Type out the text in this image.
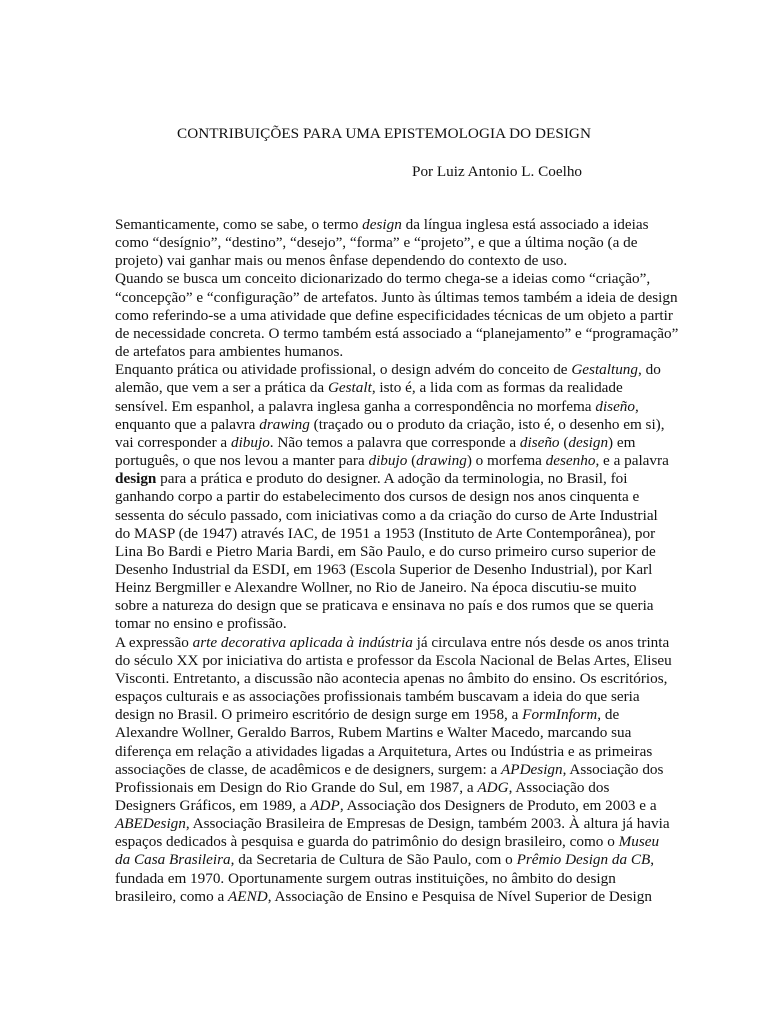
CONTRIBUIÇÕES PARA UMA EPISTEMOLOGIA DO DESIGN
Por Luiz Antonio L. Coelho
Semanticamente, como se sabe, o termo design da língua inglesa está associado a ideias
como “desígnio”, “destino”, “desejo”, “forma” e “projeto”, e que a última noção (a de
projeto) vai ganhar mais ou menos ênfase dependendo do contexto de uso.
Quando se busca um conceito dicionarizado do termo chega-se a ideias como “criação”,
“concepção” e “configuração” de artefatos. Junto às últimas temos também a ideia de design
como referindo-se a uma atividade que define especificidades técnicas de um objeto a partir
de necessidade concreta. O termo também está associado a “planejamento” e “programação”
de artefatos para ambientes humanos.
Enquanto prática ou atividade profissional, o design advém do conceito de Gestaltung, do
alemão, que vem a ser a prática da Gestalt, isto é, a lida com as formas da realidade
sensível. Em espanhol, a palavra inglesa ganha a correspondência no morfema diseño,
enquanto que a palavra drawing (traçado ou o produto da criação, isto é, o desenho em si),
vai corresponder a dibujo. Não temos a palavra que corresponde a diseño (design) em
português, o que nos levou a manter para dibujo (drawing) o morfema desenho, e a palavra
design para a prática e produto do designer. A adoção da terminologia, no Brasil, foi
ganhando corpo a partir do estabelecimento dos cursos de design nos anos cinquenta e
sessenta do século passado, com iniciativas como a da criação do curso de Arte Industrial
do MASP (de 1947) através IAC, de 1951 a 1953 (Instituto de Arte Contemporânea), por
Lina Bo Bardi e Pietro Maria Bardi, em São Paulo, e do curso primeiro curso superior de
Desenho Industrial da ESDI, em 1963 (Escola Superior de Desenho Industrial), por Karl
Heinz Bergmiller e Alexandre Wollner, no Rio de Janeiro. Na época discutiu-se muito
sobre a natureza do design que se praticava e ensinava no país e dos rumos que se queria
tomar no ensino e profissão.
A expressão arte decorativa aplicada à indústria já circulava entre nós desde os anos trinta
do século XX por iniciativa do artista e professor da Escola Nacional de Belas Artes, Eliseu
Visconti. Entretanto, a discussão não acontecia apenas no âmbito do ensino. Os escritórios,
espaços culturais e as associações profissionais também buscavam a ideia do que seria
design no Brasil. O primeiro escritório de design surge em 1958, a FormInform, de
Alexandre Wollner, Geraldo Barros, Rubem Martins e Walter Macedo, marcando sua
diferença em relação a atividades ligadas a Arquitetura, Artes ou Indústria e as primeiras
associações de classe, de acadêmicos e de designers, surgem: a APDesign, Associação dos
Profissionais em Design do Rio Grande do Sul, em 1987, a ADG, Associação dos
Designers Gráficos, em 1989, a ADP, Associação dos Designers de Produto, em 2003 e a
ABEDesign, Associação Brasileira de Empresas de Design, também 2003. À altura já havia
espaços dedicados à pesquisa e guarda do patrimônio do design brasileiro, como o Museu
da Casa Brasileira, da Secretaria de Cultura de São Paulo, com o Prêmio Design da CB,
fundada em 1970. Oportunamente surgem outras instituições, no âmbito do design
brasileiro, como a AEND, Associação de Ensino e Pesquisa de Nível Superior de Design
